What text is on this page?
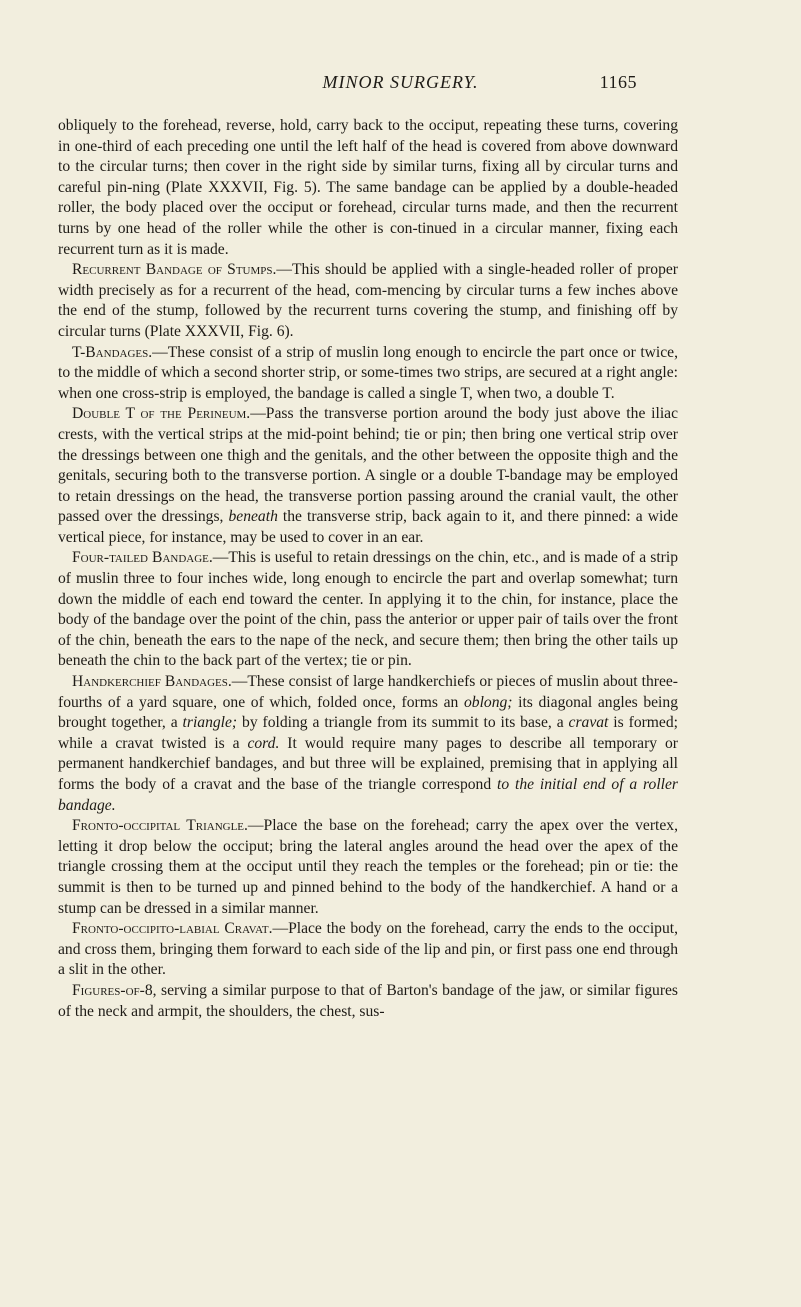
MINOR SURGERY.	1165

obliquely to the forehead, reverse, hold, carry back to the occiput, repeating these turns, covering in one-third of each preceding one until the left half of the head is covered from above downward to the circular turns; then cover in the right side by similar turns, fixing all by circular turns and careful pin-ning (Plate XXXVII, Fig. 5). The same bandage can be applied by a double-headed roller, the body placed over the occiput or forehead, circular turns made, and then the recurrent turns by one head of the roller while the other is con-tinued in a circular manner, fixing each recurrent turn as it is made.

Recurrent Bandage of Stumps.—This should be applied with a single-headed roller of proper width precisely as for a recurrent of the head, com-mencing by circular turns a few inches above the end of the stump, followed by the recurrent turns covering the stump, and finishing off by circular turns (Plate XXXVII, Fig. 6).

T-Bandages.—These consist of a strip of muslin long enough to encircle the part once or twice, to the middle of which a second shorter strip, or some-times two strips, are secured at a right angle: when one cross-strip is employed, the bandage is called a single T, when two, a double T.

Double T of the Perineum.—Pass the transverse portion around the body just above the iliac crests, with the vertical strips at the mid-point behind; tie or pin; then bring one vertical strip over the dressings between one thigh and the genitals, and the other between the opposite thigh and the genitals, securing both to the transverse portion. A single or a double T-bandage may be employed to retain dressings on the head, the transverse portion passing around the cranial vault, the other passed over the dressings, beneath the transverse strip, back again to it, and there pinned: a wide vertical piece, for instance, may be used to cover in an ear.

Four-tailed Bandage.—This is useful to retain dressings on the chin, etc., and is made of a strip of muslin three to four inches wide, long enough to encircle the part and overlap somewhat; turn down the middle of each end toward the center. In applying it to the chin, for instance, place the body of the bandage over the point of the chin, pass the anterior or upper pair of tails over the front of the chin, beneath the ears to the nape of the neck, and secure them; then bring the other tails up beneath the chin to the back part of the vertex; tie or pin.

Handkerchief Bandages.—These consist of large handkerchiefs or pieces of muslin about three-fourths of a yard square, one of which, folded once, forms an oblong; its diagonal angles being brought together, a triangle; by folding a triangle from its summit to its base, a cravat is formed; while a cravat twisted is a cord. It would require many pages to describe all temporary or permanent handkerchief bandages, and but three will be explained, premising that in applying all forms the body of a cravat and the base of the triangle correspond to the initial end of a roller bandage.

Fronto-occipital Triangle.—Place the base on the forehead; carry the apex over the vertex, letting it drop below the occiput; bring the lateral angles around the head over the apex of the triangle crossing them at the occiput until they reach the temples or the forehead; pin or tie: the summit is then to be turned up and pinned behind to the body of the handkerchief. A hand or a stump can be dressed in a similar manner.

Fronto-occipito-labial Cravat.—Place the body on the forehead, carry the ends to the occiput, and cross them, bringing them forward to each side of the lip and pin, or first pass one end through a slit in the other.

Figures-of-8, serving a similar purpose to that of Barton's bandage of the jaw, or similar figures of the neck and armpit, the shoulders, the chest, sus-
